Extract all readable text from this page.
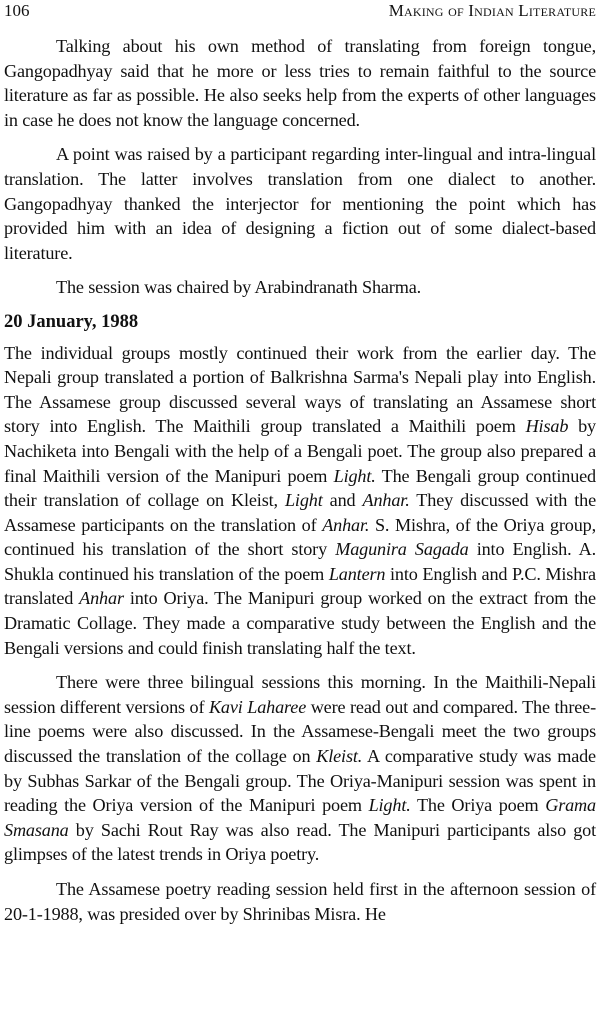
106	Making of Indian Literature

Talking about his own method of translating from foreign tongue, Gangopadhyay said that he more or less tries to remain faithful to the source literature as far as possible. He also seeks help from the experts of other languages in case he does not know the language concerned.

A point was raised by a participant regarding inter-lingual and intra-lingual translation. The latter involves translation from one dialect to another. Gangopadhyay thanked the interjector for mentioning the point which has provided him with an idea of designing a fiction out of some dialect-based literature.

The session was chaired by Arabindranath Sharma.

20 January, 1988

The individual groups mostly continued their work from the earlier day. The Nepali group translated a portion of Balkrishna Sarma's Nepali play into English. The Assamese group discussed several ways of translating an Assamese short story into English. The Maithili group translated a Maithili poem Hisab by Nachiketa into Bengali with the help of a Bengali poet. The group also prepared a final Maithili version of the Manipuri poem Light. The Bengali group continued their translation of collage on Kleist, Light and Anhar. They discussed with the Assamese participants on the translation of Anhar. S. Mishra, of the Oriya group, continued his translation of the short story Magunira Sagada into English. A. Shukla continued his translation of the poem Lantern into English and P.C. Mishra translated Anhar into Oriya. The Manipuri group worked on the extract from the Dramatic Collage. They made a comparative study between the English and the Bengali versions and could finish translating half the text.

There were three bilingual sessions this morning. In the Maithili-Nepali session different versions of Kavi Laharee were read out and compared. The three-line poems were also discussed. In the Assamese-Bengali meet the two groups discussed the translation of the collage on Kleist. A comparative study was made by Subhas Sarkar of the Bengali group. The Oriya-Manipuri session was spent in reading the Oriya version of the Manipuri poem Light. The Oriya poem Grama Smasana by Sachi Rout Ray was also read. The Manipuri participants also got glimpses of the latest trends in Oriya poetry.

The Assamese poetry reading session held first in the afternoon session of 20-1-1988, was presided over by Shrinibas Misra. He
